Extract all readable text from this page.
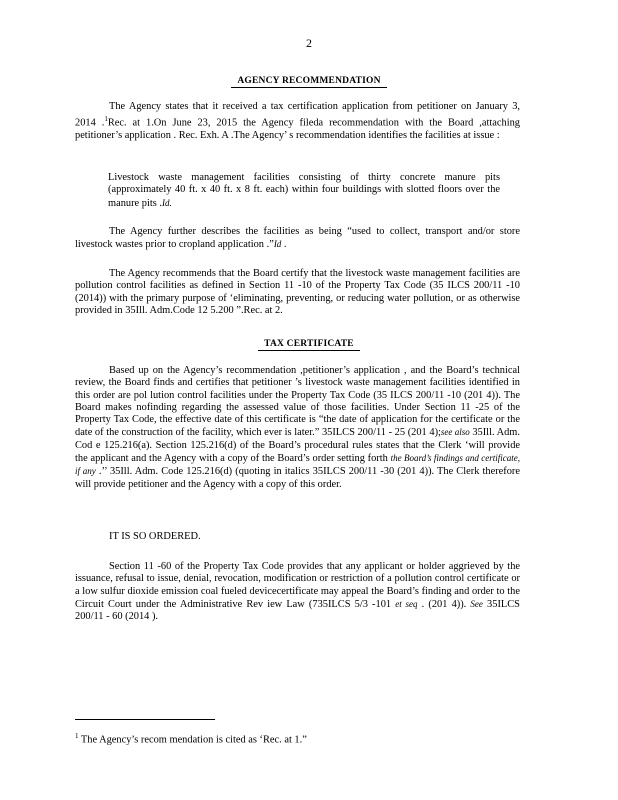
2
AGENCY RECOMMENDATION

The Agency states that it received a tax certification application from petitioner on January 3, 2014 .$^1$Rec. at 1.On June 23, 2015 the Agency fileda recommendation with the Board ,attaching petitioner’s application . Rec. Exh. A .The Agency’ s recommendation identifies the facilities at issue :

Livestock waste management facilities consisting of thirty concrete manure pits (approximately 40 ft. x 40 ft. x 8 ft. each) within four buildings with slotted floors over the manure pits .Id.

The Agency further describes the facilities as being “used to collect, transport and/or store livestock wastes prior to cropland application .”Id .

The Agency recommends that the Board certify that the livestock waste management facilities are pollution control facilities as defined in Section 11 -10 of the Property Tax Code (35 ILCS 200/11 -10 (2014)) with the primary purpose of ‘eliminating, preventing, or reducing water pollution, or as otherwise provided in 35Ill. Adm.Code 12 5.200 ”.Rec. at 2.

TAX CERTIFICATE

Based up on the Agency’s recommendation ,petitioner’s application , and the Board’s technical review, the Board finds and certifies that petitioner ’s livestock waste management facilities identified in this order are pol lution control facilities under the Property Tax Code (35 ILCS 200/11 -10 (201 4)). The Board makes nofinding regarding the assessed value of those facilities. Under Section 11 -25 of the Property Tax Code, the effective date of this certificate is “the date of application for the certificate or the date of the construction of the facility, which ever is later.” 35ILCS 200/11 - 25 (201 4);see also 35Ill. Adm. Cod e 125.216(a). Section 125.216(d) of the Board’s procedural rules states that the Clerk ‘will provide the applicant and the Agency with a copy of the Board’s order setting forth the Board’s findings and certificate, if any .’’ 35Ill. Adm. Code 125.216(d) (quoting in italics 35ILCS 200/11 -30 (201 4)). The Clerk therefore will provide petitioner and the Agency with a copy of this order.

IT IS SO ORDERED.

Section 11 -60 of the Property Tax Code provides that any applicant or holder aggrieved by the issuance, refusal to issue, denial, revocation, modification or restriction of a pollution control certificate or a low sulfur dioxide emission coal fueled devicecertificate may appeal the Board’s finding and order to the Circuit Court under the Administrative Rev iew Law (735ILCS 5/3 -101 et seq . (201 4)). See 35ILCS 200/11 - 60 (2014 ).

$^1$ The Agency’s recom mendation is cited as ‘Rec. at 1.”
